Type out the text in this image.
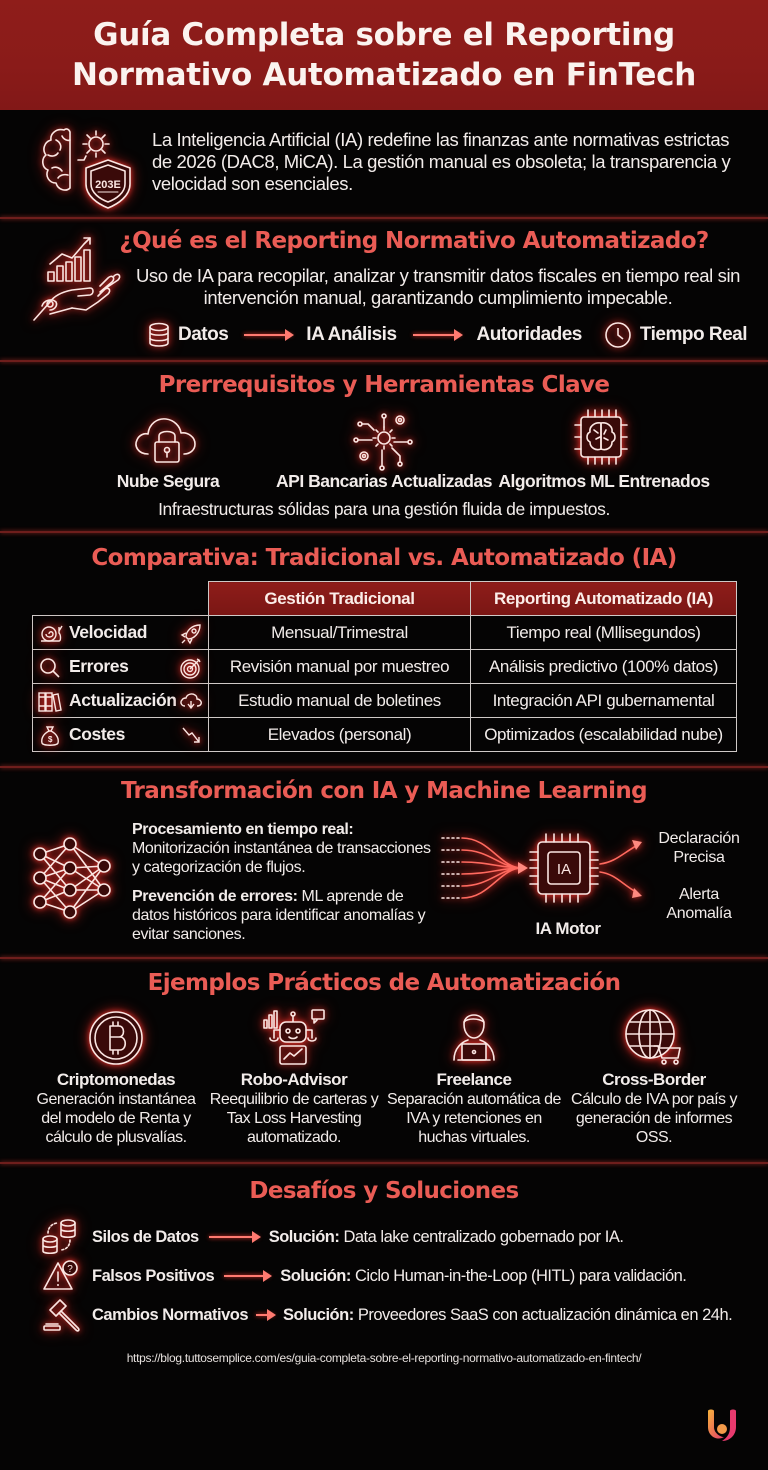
Guía Completa sobre el Reporting
Normativo Automatizado en FinTech
203E
La Inteligencia Artificial (IA) redefine las finanzas ante normativas estrictas de 2026 (DAC8, MiCA). La gestión manual es obsoleta; la transparencia y velocidad son esenciales.
¿Qué es el Reporting Normativo Automatizado?
Uso de IA para recopilar, analizar y transmitir datos fiscales en tiempo real sin intervención manual, garantizando cumplimiento impecable.
Datos	IA Análisis	Autoridades	Tiempo Real
Prerrequisitos y Herramientas Clave
Nube Segura	API Bancarias Actualizadas Algoritmos ML Entrenados
Infraestructuras sólidas para una gestión fluida de impuestos.
Comparativa: Tradicional vs. Automatizado (IA)
	Gestión Tradicional	Reporting Automatizado (IA)

Velocidad	Mensual/Trimestral	Tiempo real (Mllisegundos)

Errores	Revisión manual por muestreo	Análisis predictivo (100% datos)

Actualización	Estudio manual de boletines	Integración API gubernamental

$ Costes	Elevados (personal)	Optimizados (escalabilidad nube)
Transformación con IA y Machine Learning
Procesamiento en tiempo real:
Monitorización instantánea de transacciones y categorización de flujos.
Prevención de errores: ML aprende de datos históricos para identificar anomalías y evitar sanciones.
IA
IA Motor
Declaración
Precisa
Alerta
Anomalía
Ejemplos Prácticos de Automatización
Criptomonedas
Generación instantánea del modelo de Renta y cálculo de plusvalías.
Robo-Advisor
Reequilibrio de carteras y Tax Loss Harvesting automatizado.
Freelance
Separación automática de IVA y retenciones en huchas virtuales.
Cross-Border
Cálculo de IVA por país y generación de informes OSS.
Desafíos y Soluciones
Silos de Datos	Solución:
Data lake centralizado gobernado por IA.
? Falsos Positivos	Solución:
Ciclo Human-in-the-Loop (HITL) para validación.
Cambios Normativos Solución:
Proveedores SaaS con actualización dinámica en 24h.
https://blog.tuttosemplice.com/es/guia-completa-sobre-el-reporting-normativo-automatizado-en-fintech/
